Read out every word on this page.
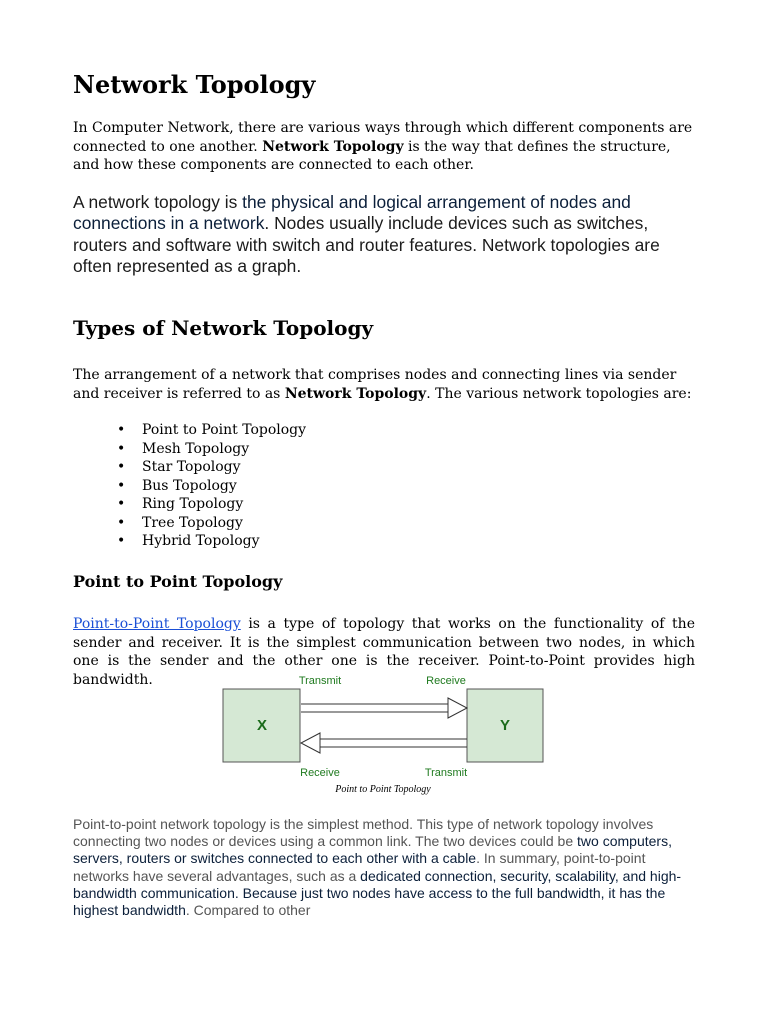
Network Topology

In Computer Network, there are various ways through which different components are connected to one another. Network Topology is the way that defines the structure, and how these components are connected to each other.

A network topology is the physical and logical arrangement of nodes and connections in a network. Nodes usually include devices such as switches, routers and software with switch and router features. Network topologies are often represented as a graph.

Types of Network Topology

The arrangement of a network that comprises nodes and connecting lines via sender and receiver is referred to as Network Topology. The various network topologies are:

• Point to Point Topology
• Mesh Topology
• Star Topology
• Bus Topology
• Ring Topology
• Tree Topology
• Hybrid Topology
Point to Point Topology

Point-to-Point Topology is a type of topology that works on the functionality of the sender and receiver. It is the simplest communication between two nodes, in which one is the sender and the other one is the receiver. Point-to-Point provides high bandwidth.	Transmit	Receive
X	Y
Receive	Transmit
Point to Point Topology

Point-to-point network topology is the simplest method. This type of network topology involves connecting two nodes or devices using a common link. The two devices could be two computers, servers, routers or switches connected to each other with a cable. In summary, point-to-point networks have several advantages, such as a dedicated connection, security, scalability, and high-bandwidth communication. Because just two nodes have access to the full bandwidth, it has the highest bandwidth. Compared to other
